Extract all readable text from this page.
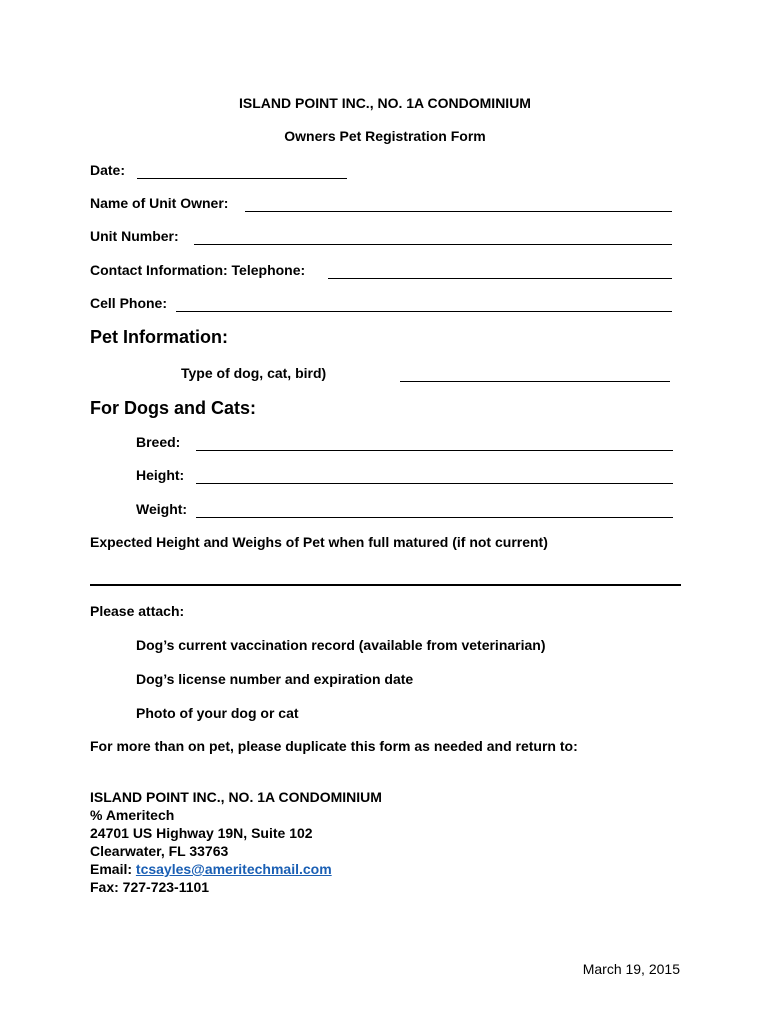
ISLAND POINT INC., NO. 1A CONDOMINIUM
Owners Pet Registration Form
Date:
Name of Unit Owner:
Unit Number:
Contact Information: Telephone:
Cell Phone:
Pet Information:
Type of dog, cat, bird)
For Dogs and Cats:
Breed:
Height:
Weight:
Expected Height and Weighs of Pet when full matured (if not current)
Please attach:
Dog’s current vaccination record (available from veterinarian)
Dog’s license number and expiration date
Photo of your dog or cat
For more than on pet, please duplicate this form as needed and return to:
ISLAND POINT INC., NO. 1A CONDOMINIUM
% Ameritech
24701 US Highway 19N, Suite 102
Clearwater, FL 33763
Email: tcsayles@ameritechmail.com
Fax: 727-723-1101
March 19, 2015
